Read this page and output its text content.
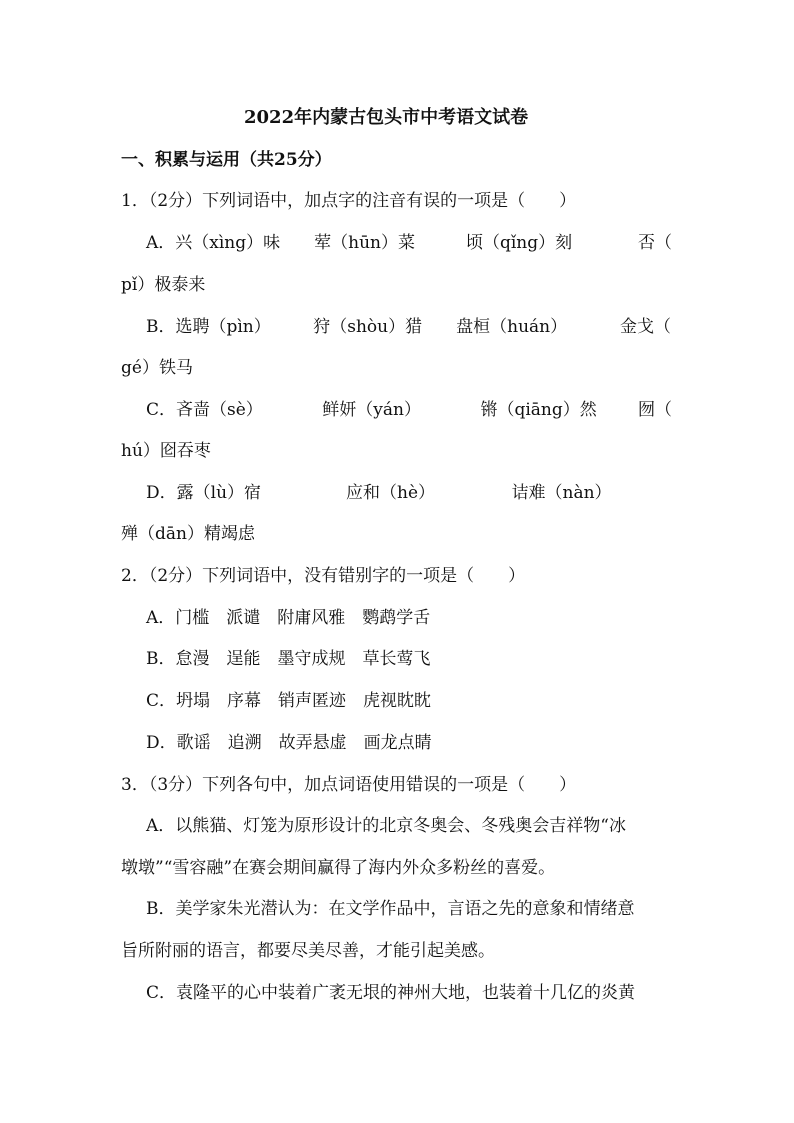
2022年内蒙古包头市中考语文试卷
一、积累与运用（共25分）
1．（2分）下列词语中，加点字的注音有误的一项是（　　）
A．兴（xìng）味　　荤（hūn）菜　　　顷（qǐng）刻	否（
pǐ）极泰来
B．选聘（pìn）　　　狩（shòu）猎　　盘桓（huán）	金戈（
gé）铁马
C．吝啬（sè）　　　　鲜妍（yán）　　　　锵（qiāng）然 囫（
hú）囵吞枣
D．露（lù）宿　　　　　应和（hè）　　　　　诘难（nàn）
殚（dān）精竭虑
2．（2分）下列词语中，没有错别字的一项是（　　）
A．门槛　派谴　附庸风雅　鹦鹉学舌
B．怠漫　逞能　墨守成规　草长莺飞
C．坍塌　序幕　销声匿迹　虎视眈眈
D．歌谣　追溯　故弄悬虚　画龙点睛
3．（3分）下列各句中，加点词语使用错误的一项是（　　）
A．以熊猫、灯笼为原形设计的北京冬奥会、冬残奥会吉祥物“冰
墩墩”“雪容融”在赛会期间赢得了海内外众多粉丝的喜爱。
B．美学家朱光潜认为：在文学作品中，言语之先的意象和情绪意
旨所附丽的语言，都要尽美尽善，才能引起美感。
C．袁隆平的心中装着广袤无垠的神州大地，也装着十几亿的炎黄
